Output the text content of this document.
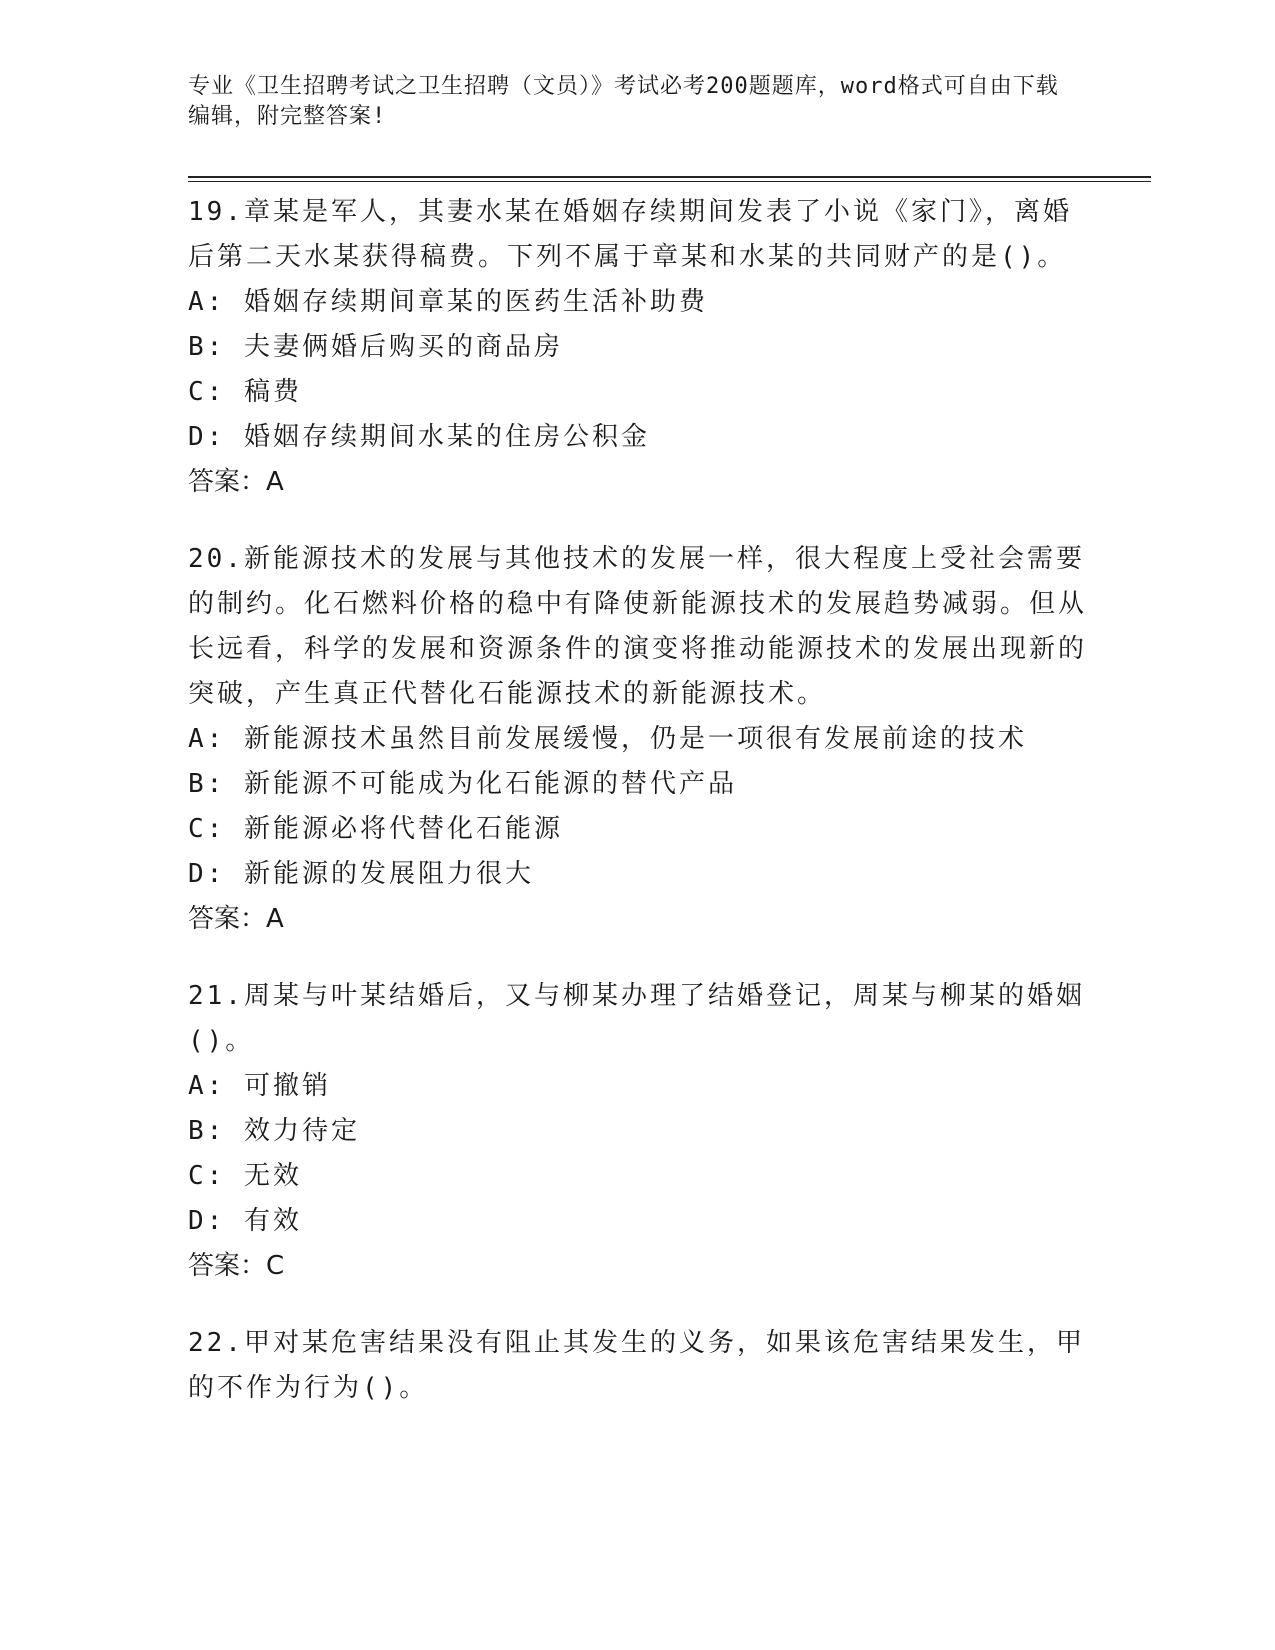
专业《卫生招聘考试之卫生招聘（文员）》考试必考200题题库，word格式可自由下载编辑，附完整答案!

19.章某是军人，其妻水某在婚姻存续期间发表了小说《家门》，离婚后第二天水某获得稿费。下列不属于章某和水某的共同财产的是()。

A: 婚姻存续期间章某的医药生活补助费

B: 夫妻俩婚后购买的商品房

C: 稿费

D: 婚姻存续期间水某的住房公积金

答案：A

20.新能源技术的发展与其他技术的发展一样，很大程度上受社会需要的制约。化石燃料价格的稳中有降使新能源技术的发展趋势减弱。但从长远看，科学的发展和资源条件的演变将推动能源技术的发展出现新的突破，产生真正代替化石能源技术的新能源技术。

A: 新能源技术虽然目前发展缓慢，仍是一项很有发展前途的技术

B: 新能源不可能成为化石能源的替代产品

C: 新能源必将代替化石能源

D: 新能源的发展阻力很大

答案：A

21.周某与叶某结婚后，又与柳某办理了结婚登记，周某与柳某的婚姻()。

A: 可撤销

B: 效力待定

C: 无效

D: 有效

答案：C

22.甲对某危害结果没有阻止其发生的义务，如果该危害结果发生，甲的不作为行为()。
